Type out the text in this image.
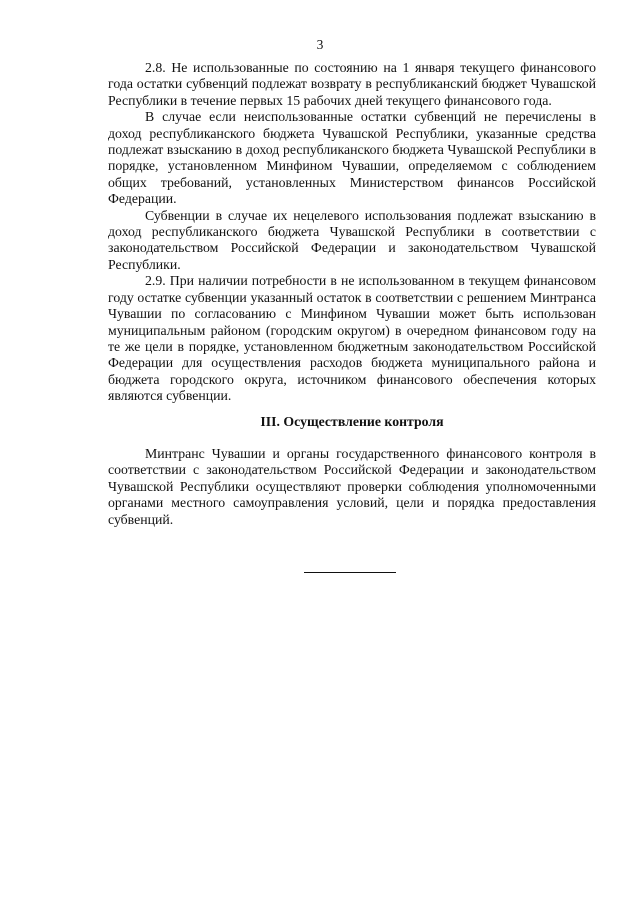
3

2.8. Не использованные по состоянию на 1 января текущего финансового года остатки субвенций подлежат возврату в республиканский бюджет Чувашской Республики в течение первых 15 рабочих дней текущего финансового года.

В случае если неиспользованные остатки субвенций не перечислены в доход республиканского бюджета Чувашской Республики, указанные средства подлежат взысканию в доход республиканского бюджета Чувашской Республики в порядке, установленном Минфином Чувашии, определяемом с соблюдением общих требований, установленных Министерством финансов Российской Федерации.

Субвенции в случае их нецелевого использования подлежат взысканию в доход республиканского бюджета Чувашской Республики в соответствии с законодательством Российской Федерации и законодательством Чувашской Республики.

2.9. При наличии потребности в не использованном в текущем финансовом году остатке субвенции указанный остаток в соответствии с решением Минтранса Чувашии по согласованию с Минфином Чувашии может быть использован муниципальным районом (городским округом) в очередном финансовом году на те же цели в порядке, установленном бюджетным законодательством Российской Федерации для осуществления расходов бюджета муниципального района и бюджета городского округа, источником финансового обеспечения которых являются субвенции.

III. Осуществление контроля

Минтранс Чувашии и органы государственного финансового контроля в соответствии с законодательством Российской Федерации и законодательством Чувашской Республики осуществляют проверки соблюдения уполномоченными органами местного самоуправления условий, цели и порядка предоставления субвенций.
